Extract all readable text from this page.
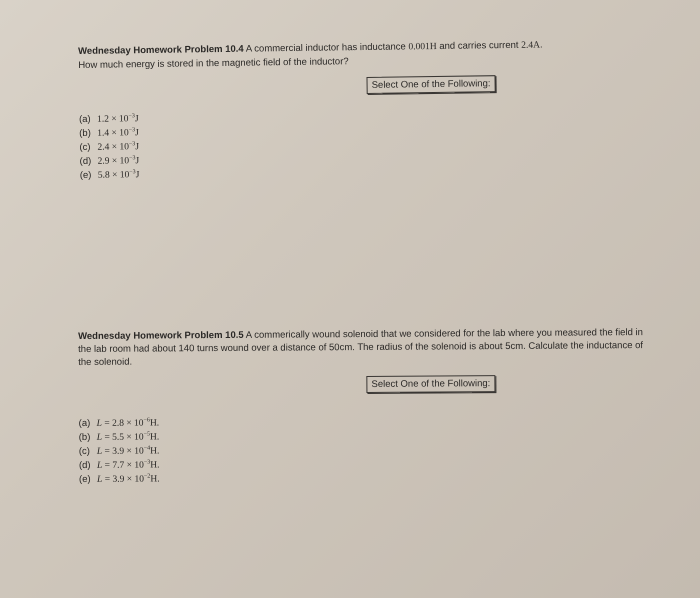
Wednesday Homework Problem 10.4 A commercial inductor has inductance 0.001H and carries current 2.4A.
How much energy is stored in the magnetic field of the inductor?
Select One of the Following:
(a) $1.2 \times 10^{-3}J$
(b) $1.4 \times 10^{-3}J$
(c) $2.4 \times 10^{-3}J$
(d) $2.9 \times 10^{-3}J$
(e) $5.8 \times 10^{-3}J$
Wednesday Homework Problem 10.5 A commerically wound solenoid that we considered for the lab where you measured the field in the lab room had about 140 turns wound over a distance of 50cm. The radius of the solenoid is about 5cm. Calculate the inductance of the solenoid.
Select One of the Following:
(a) $L = 2.8 \times 10^{-6}H$.
(b) $L = 5.5 \times 10^{-5}H$.
(c) $L = 3.9 \times 10^{-4}H$.
(d) $L = 7.7 \times 10^{-3}H$.
(e) $L = 3.9 \times 10^{-2}H$.
